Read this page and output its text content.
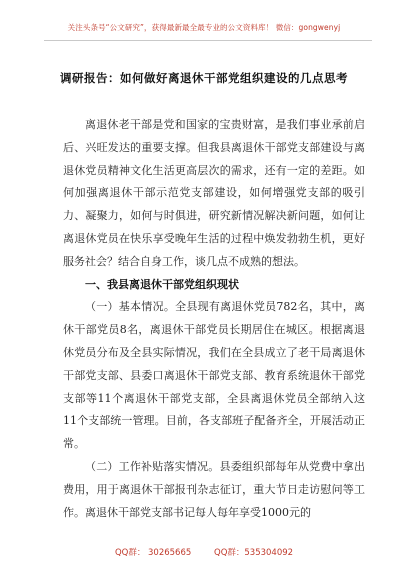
关注头条号“公文研究”，获得最新最全最专业的公文资料库！ 微信：gongwenyj
调研报告：如何做好离退休干部党组织建设的几点思考

离退休老干部是党和国家的宝贵财富，是我们事业承前启后、兴旺发达的重要支撑。但我县离退休干部党支部建设与离退休党员精神文化生活更高层次的需求，还有一定的差距。如何加强离退休干部示范党支部建设，如何增强党支部的吸引力、凝聚力，如何与时俱进，研究新情况解决新问题，如何让离退休党员在快乐享受晚年生活的过程中焕发勃勃生机，更好服务社会？结合自身工作，谈几点不成熟的想法。

一、我县离退休干部党组织现状

（一）基本情况。全县现有离退休党员782名，其中，离休干部党员8名，离退休干部党员长期居住在城区。根据离退休党员分布及全县实际情况，我们在全县成立了老干局离退休干部党支部、县委口离退休干部党支部、教育系统退休干部党支部等11个离退休干部党支部，全县离退休党员全部纳入这11个支部统一管理。目前，各支部班子配备齐全，开展活动正常。

（二）工作补贴落实情况。县委组织部每年从党费中拿出费用，用于离退休干部报刊杂志征订，重大节日走访慰问等工作。离退休干部党支部书记每人每年享受1000元的

QQ群： 30265665	QQ群：535304092
